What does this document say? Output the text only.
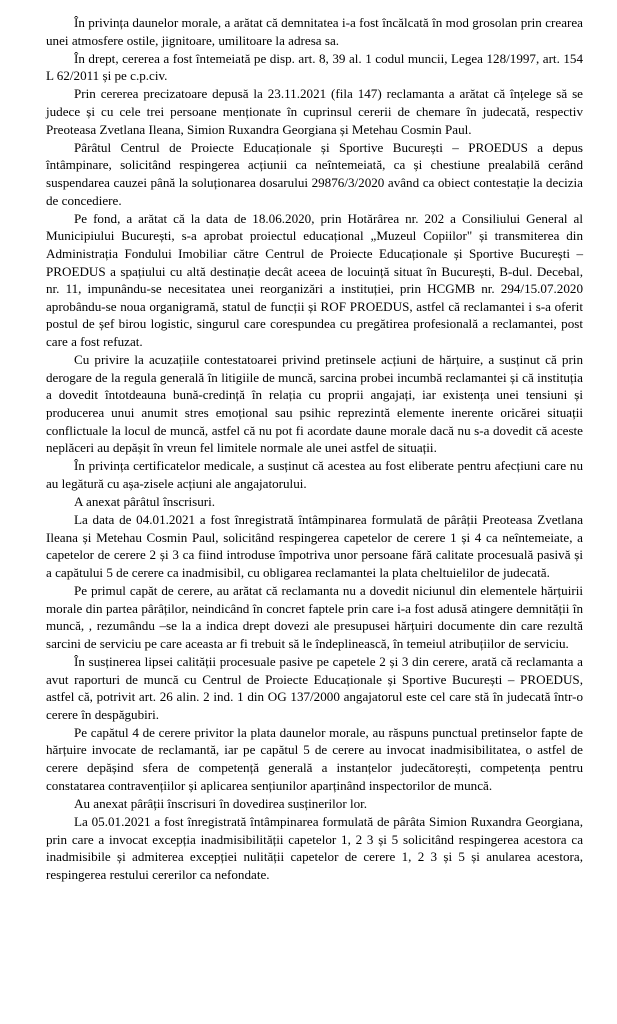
În privința daunelor morale, a arătat că demnitatea i-a fost încălcată în mod grosolan prin crearea unei atmosfere ostile, jignitoare, umilitoare la adresa sa.

În drept, cererea a fost întemeiată pe disp. art. 8, 39 al. 1 codul muncii, Legea 128/1997, art. 154 L 62/2011 și pe c.p.civ.

Prin cererea precizatoare depusă la 23.11.2021 (fila 147) reclamanta a arătat că înțelege să se judece și cu cele trei persoane menționate în cuprinsul cererii de chemare în judecată, respectiv Preoteasa Zvetlana Ileana, Simion Ruxandra Georgiana și Metehau Cosmin Paul.

Pârâtul Centrul de Proiecte Educaționale și Sportive București – PROEDUS a depus întâmpinare, solicitând respingerea acțiunii ca neîntemeiată, ca și chestiune prealabilă cerând suspendarea cauzei până la soluționarea dosarului 29876/3/2020 având ca obiect contestație la decizia de concediere.

Pe fond, a arătat că la data de 18.06.2020, prin Hotărârea nr. 202 a Consiliului General al Municipiului București, s-a aprobat proiectul educațional „Muzeul Copiilor" și transmiterea din Administrația Fondului Imobiliar către Centrul de Proiecte Educaționale și Sportive București – PROEDUS a spațiului cu altă destinație decât aceea de locuință situat în București, B-dul. Decebal, nr. 11, impunându-se necesitatea unei reorganizări a instituției, prin HCGMB nr. 294/15.07.2020 aprobându-se noua organigramă, statul de funcții și ROF PROEDUS, astfel că reclamantei i s-a oferit postul de șef birou logistic, singurul care corespundea cu pregătirea profesională a reclamantei, post care a fost refuzat.

Cu privire la acuzațiile contestatoarei privind pretinsele acțiuni de hărțuire, a susținut că prin derogare de la regula generală în litigiile de muncă, sarcina probei incumbă reclamantei și că instituția a dovedit întotdeauna bună-credință în relația cu proprii angajați, iar existența unei tensiuni și producerea unui anumit stres emoțional sau psihic reprezintă elemente inerente oricărei situații conflictuale la locul de muncă, astfel că nu pot fi acordate daune morale dacă nu s-a dovedit că aceste neplăceri au depășit în vreun fel limitele normale ale unei astfel de situații.

În privința certificatelor medicale, a susținut că acestea au fost eliberate pentru afecțiuni care nu au legătură cu așa-zisele acțiuni ale angajatorului.

A anexat pârâtul înscrisuri.

La data de 04.01.2021 a fost înregistrată întâmpinarea formulată de pârâții Preoteasa Zvetlana Ileana și Metehau Cosmin Paul, solicitând respingerea capetelor de cerere 1 și 4 ca neîntemeiate, a capetelor de cerere 2 și 3 ca fiind introduse împotriva unor persoane fără calitate procesuală pasivă și a capătului 5 de cerere ca inadmisibil, cu obligarea reclamantei la plata cheltuielilor de judecată.

Pe primul capăt de cerere, au arătat că reclamanta nu a dovedit niciunul din elementele hărțuirii morale din partea pârâților, neindicând în concret faptele prin care i-a fost adusă atingere demnității în muncă, , rezumându –se la a indica drept dovezi ale presupusei hărțuiri documente din care rezultă sarcini de serviciu pe care aceasta ar fi trebuit să le îndeplinească, în temeiul atribuțiilor de serviciu.

În susținerea lipsei calității procesuale pasive pe capetele 2 și 3 din cerere, arată că reclamanta a avut raporturi de muncă cu Centrul de Proiecte Educaționale și Sportive București – PROEDUS, astfel că, potrivit art. 26 alin. 2 ind. 1 din OG 137/2000 angajatorul este cel care stă în judecată într-o cerere în despăgubiri.

Pe capătul 4 de cerere privitor la plata daunelor morale, au răspuns punctual pretinselor fapte de hărțuire invocate de reclamantă, iar pe capătul 5 de cerere au invocat inadmisibilitatea, o astfel de cerere depășind sfera de competență generală a instanțelor judecătorești, competența pentru constatarea contravențiilor și aplicarea sențiunilor aparținând inspectorilor de muncă.

Au anexat pârâții înscrisuri în dovedirea susținerilor lor.

La 05.01.2021 a fost înregistrată întâmpinarea formulată de pârâta Simion Ruxandra Georgiana, prin care a invocat excepția inadmisibilității capetelor 1, 2 3 și 5 solicitând respingerea acestora ca inadmisibile și admiterea excepției nulității capetelor de cerere 1, 2 3 și 5 și anularea acestora, respingerea restului cererilor ca nefondate.
